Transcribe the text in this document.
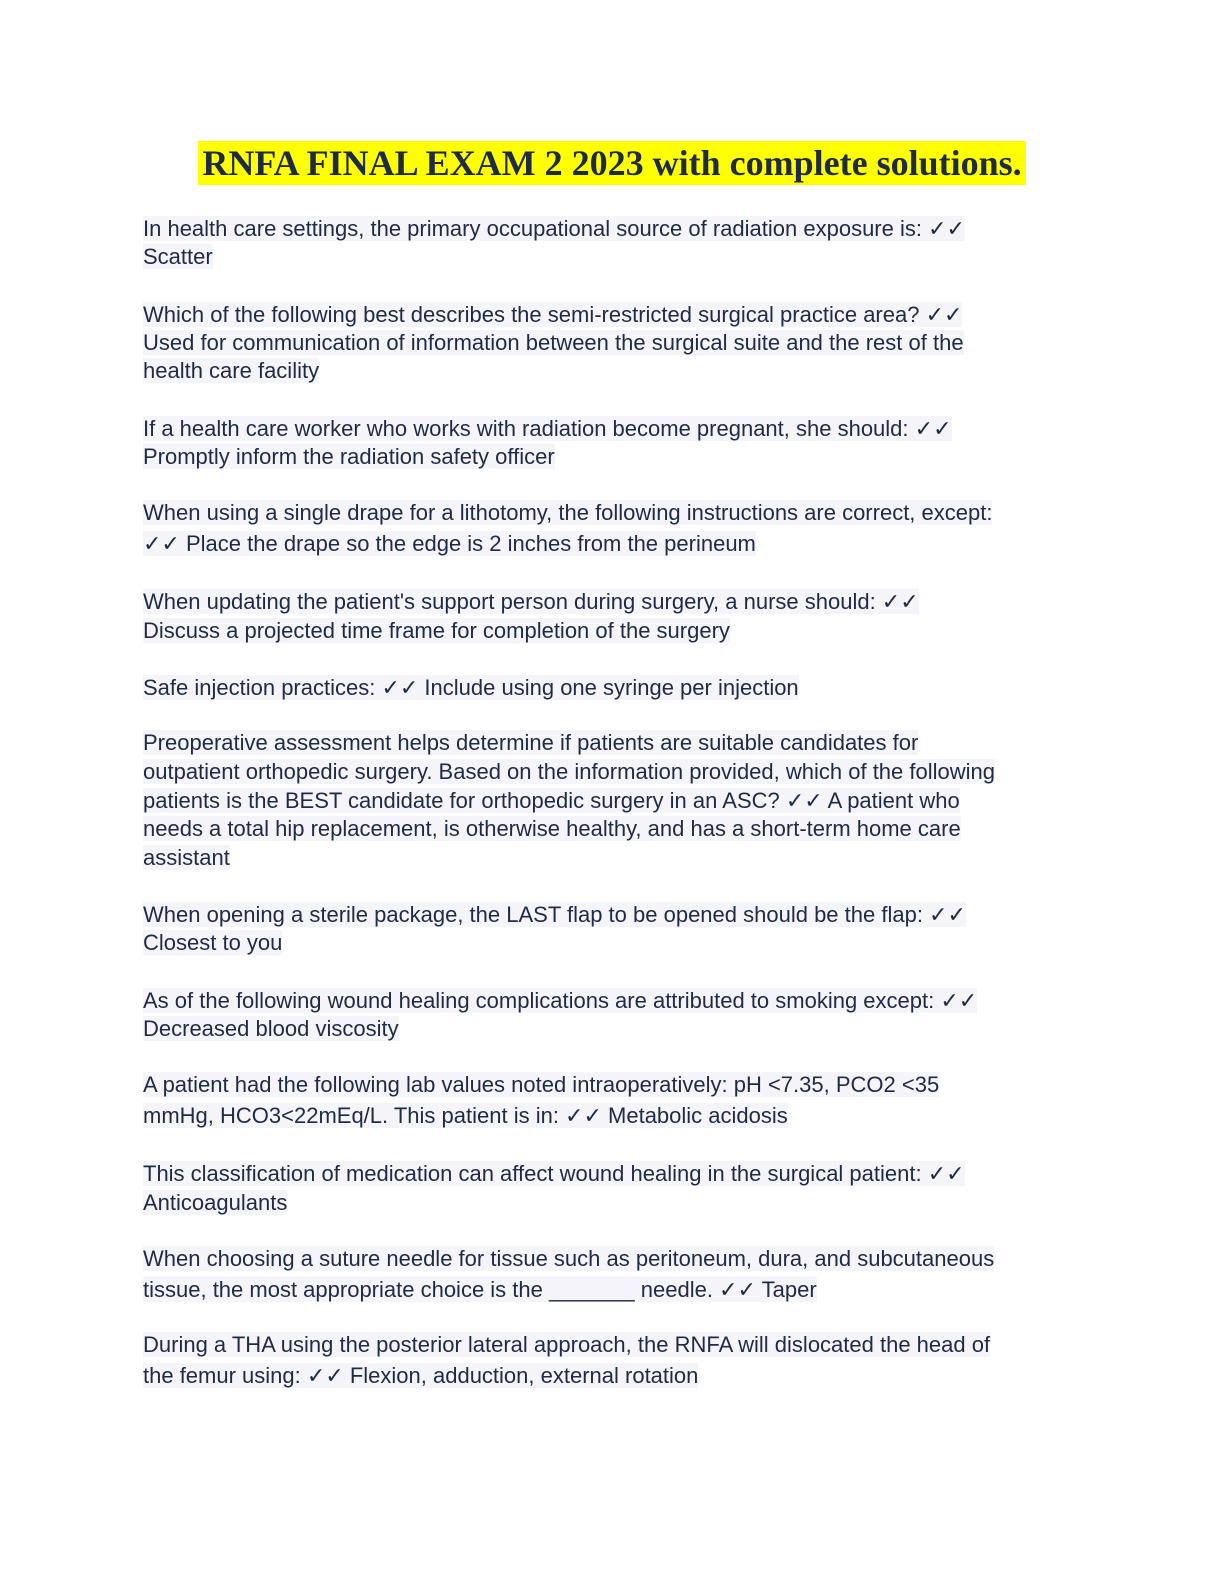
RNFA FINAL EXAM 2 2023 with complete solutions.
In health care settings, the primary occupational source of radiation exposure is: ✓✓
Scatter
Which of the following best describes the semi-restricted surgical practice area? ✓✓
Used for communication of information between the surgical suite and the rest of the
health care facility
If a health care worker who works with radiation become pregnant, she should: ✓✓
Promptly inform the radiation safety officer
When using a single drape for a lithotomy, the following instructions are correct, except:
✓✓ Place the drape so the edge is 2 inches from the perineum
When updating the patient's support person during surgery, a nurse should: ✓✓
Discuss a projected time frame for completion of the surgery
Safe injection practices: ✓✓ Include using one syringe per injection
Preoperative assessment helps determine if patients are suitable candidates for
outpatient orthopedic surgery. Based on the information provided, which of the following
patients is the BEST candidate for orthopedic surgery in an ASC? ✓✓ A patient who
needs a total hip replacement, is otherwise healthy, and has a short-term home care
assistant
When opening a sterile package, the LAST flap to be opened should be the flap: ✓✓
Closest to you
As of the following wound healing complications are attributed to smoking except: ✓✓
Decreased blood viscosity
A patient had the following lab values noted intraoperatively: pH <7.35, PCO2 <35
mmHg, HCO3<22mEq/L. This patient is in: ✓✓ Metabolic acidosis
This classification of medication can affect wound healing in the surgical patient: ✓✓
Anticoagulants
When choosing a suture needle for tissue such as peritoneum, dura, and subcutaneous
tissue, the most appropriate choice is the _______ needle. ✓✓ Taper
During a THA using the posterior lateral approach, the RNFA will dislocated the head of
the femur using: ✓✓ Flexion, adduction, external rotation
